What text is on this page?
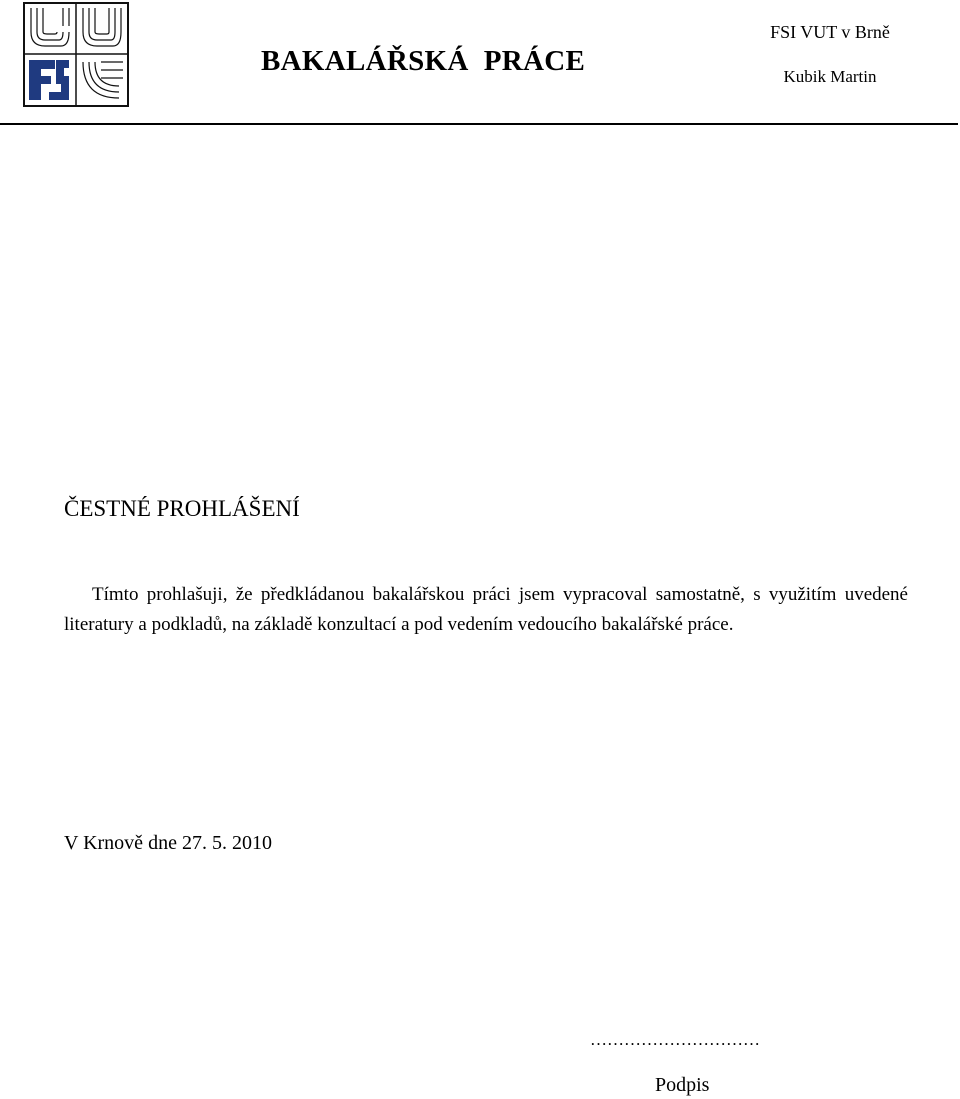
BAKALÁŘSKÁ  PRÁCE
FSI VUT v Brně
Kubik Martin
ČESTNÉ PROHLÁŠENÍ

Tímto prohlašuji, že předkládanou bakalářskou práci jsem vypracoval samostatně, s využitím uvedené literatury a podkladů, na základě konzultací a pod vedením vedoucího bakalářské práce.

V Krnově dne 27. 5. 2010
…………………………
Podpis
